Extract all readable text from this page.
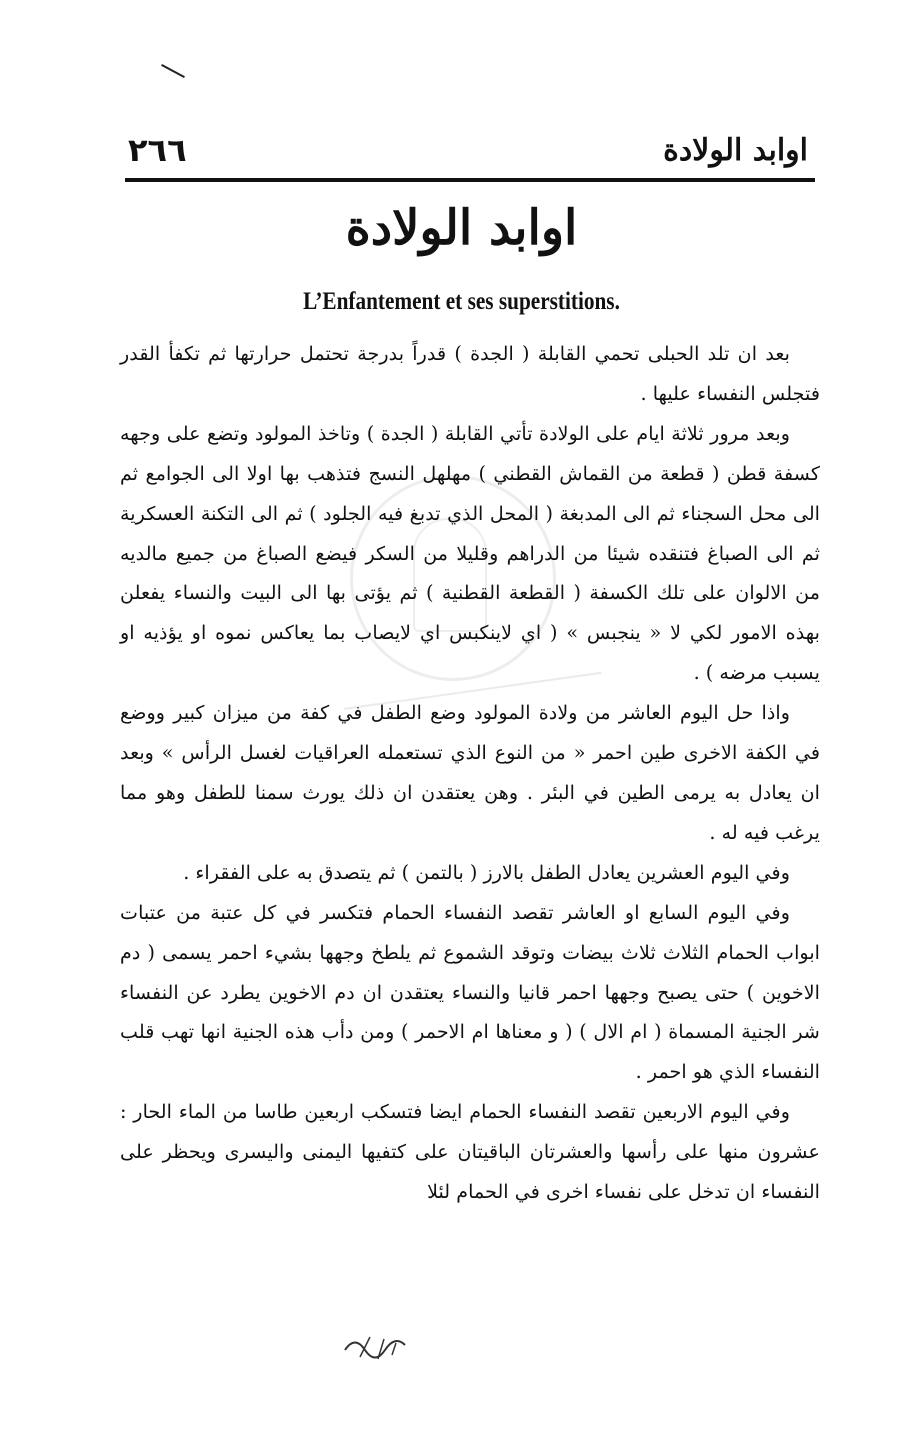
٢٦٦	اوابد الولادة
اوابد الولادة
L’Enfantement et ses superstitions.

بعد ان تلد الحبلى تحمي القابلة ( الجدة ) قدراً بدرجة تحتمل حرارتها ثم تكفأ القدر فتجلس النفساء عليها .

وبعد مرور ثلاثة ايام على الولادة تأتي القابلة ( الجدة ) وتاخذ المولود وتضع على وجهه كسفة قطن ( قطعة من القماش القطني ) مهلهل النسج فتذهب بها اولا الى الجوامع ثم الى محل السجناء ثم الى المدبغة ( المحل الذي تدبغ فيه الجلود ) ثم الى التكنة العسكرية ثم الى الصباغ فتنقده شيئا من الدراهم وقليلا من السكر فيضع الصباغ من جميع مالديه من الالوان على تلك الكسفة ( القطعة القطنية ) ثم يؤتى بها الى البيت والنساء يفعلن بهذه الامور لكي لا « ينجبس » ( اي لاينكبس اي لايصاب بما يعاكس نموه او يؤذيه او يسبب مرضه ) .

واذا حل اليوم العاشر من ولادة المولود وضع الطفل في كفة من ميزان كبير ووضع في الكفة الاخرى طين احمر « من النوع الذي تستعمله العراقيات لغسل الرأس » وبعد ان يعادل به يرمى الطين في البئر . وهن يعتقدن ان ذلك يورث سمنا للطفل وهو مما يرغب فيه له .

وفي اليوم العشرين يعادل الطفل بالارز ( بالتمن ) ثم يتصدق به على الفقراء .

وفي اليوم السابع او العاشر تقصد النفساء الحمام فتكسر في كل عتبة من عتبات ابواب الحمام الثلاث ثلاث بيضات وتوقد الشموع ثم يلطخ وجهها بشيء احمر يسمى ( دم الاخوين ) حتى يصبح وجهها احمر قانيا والنساء يعتقدن ان دم الاخوين يطرد عن النفساء شر الجنية المسماة ( ام الال ) ( و معناها ام الاحمر ) ومن دأب هذه الجنية انها تهب قلب النفساء الذي هو احمر .

وفي اليوم الاربعين تقصد النفساء الحمام ايضا فتسكب اربعين طاسا من الماء الحار : عشرون منها على رأسها والعشرتان الباقيتان على كتفيها اليمنى واليسرى ويحظر على النفساء ان تدخل على نفساء اخرى في الحمام لئلا
